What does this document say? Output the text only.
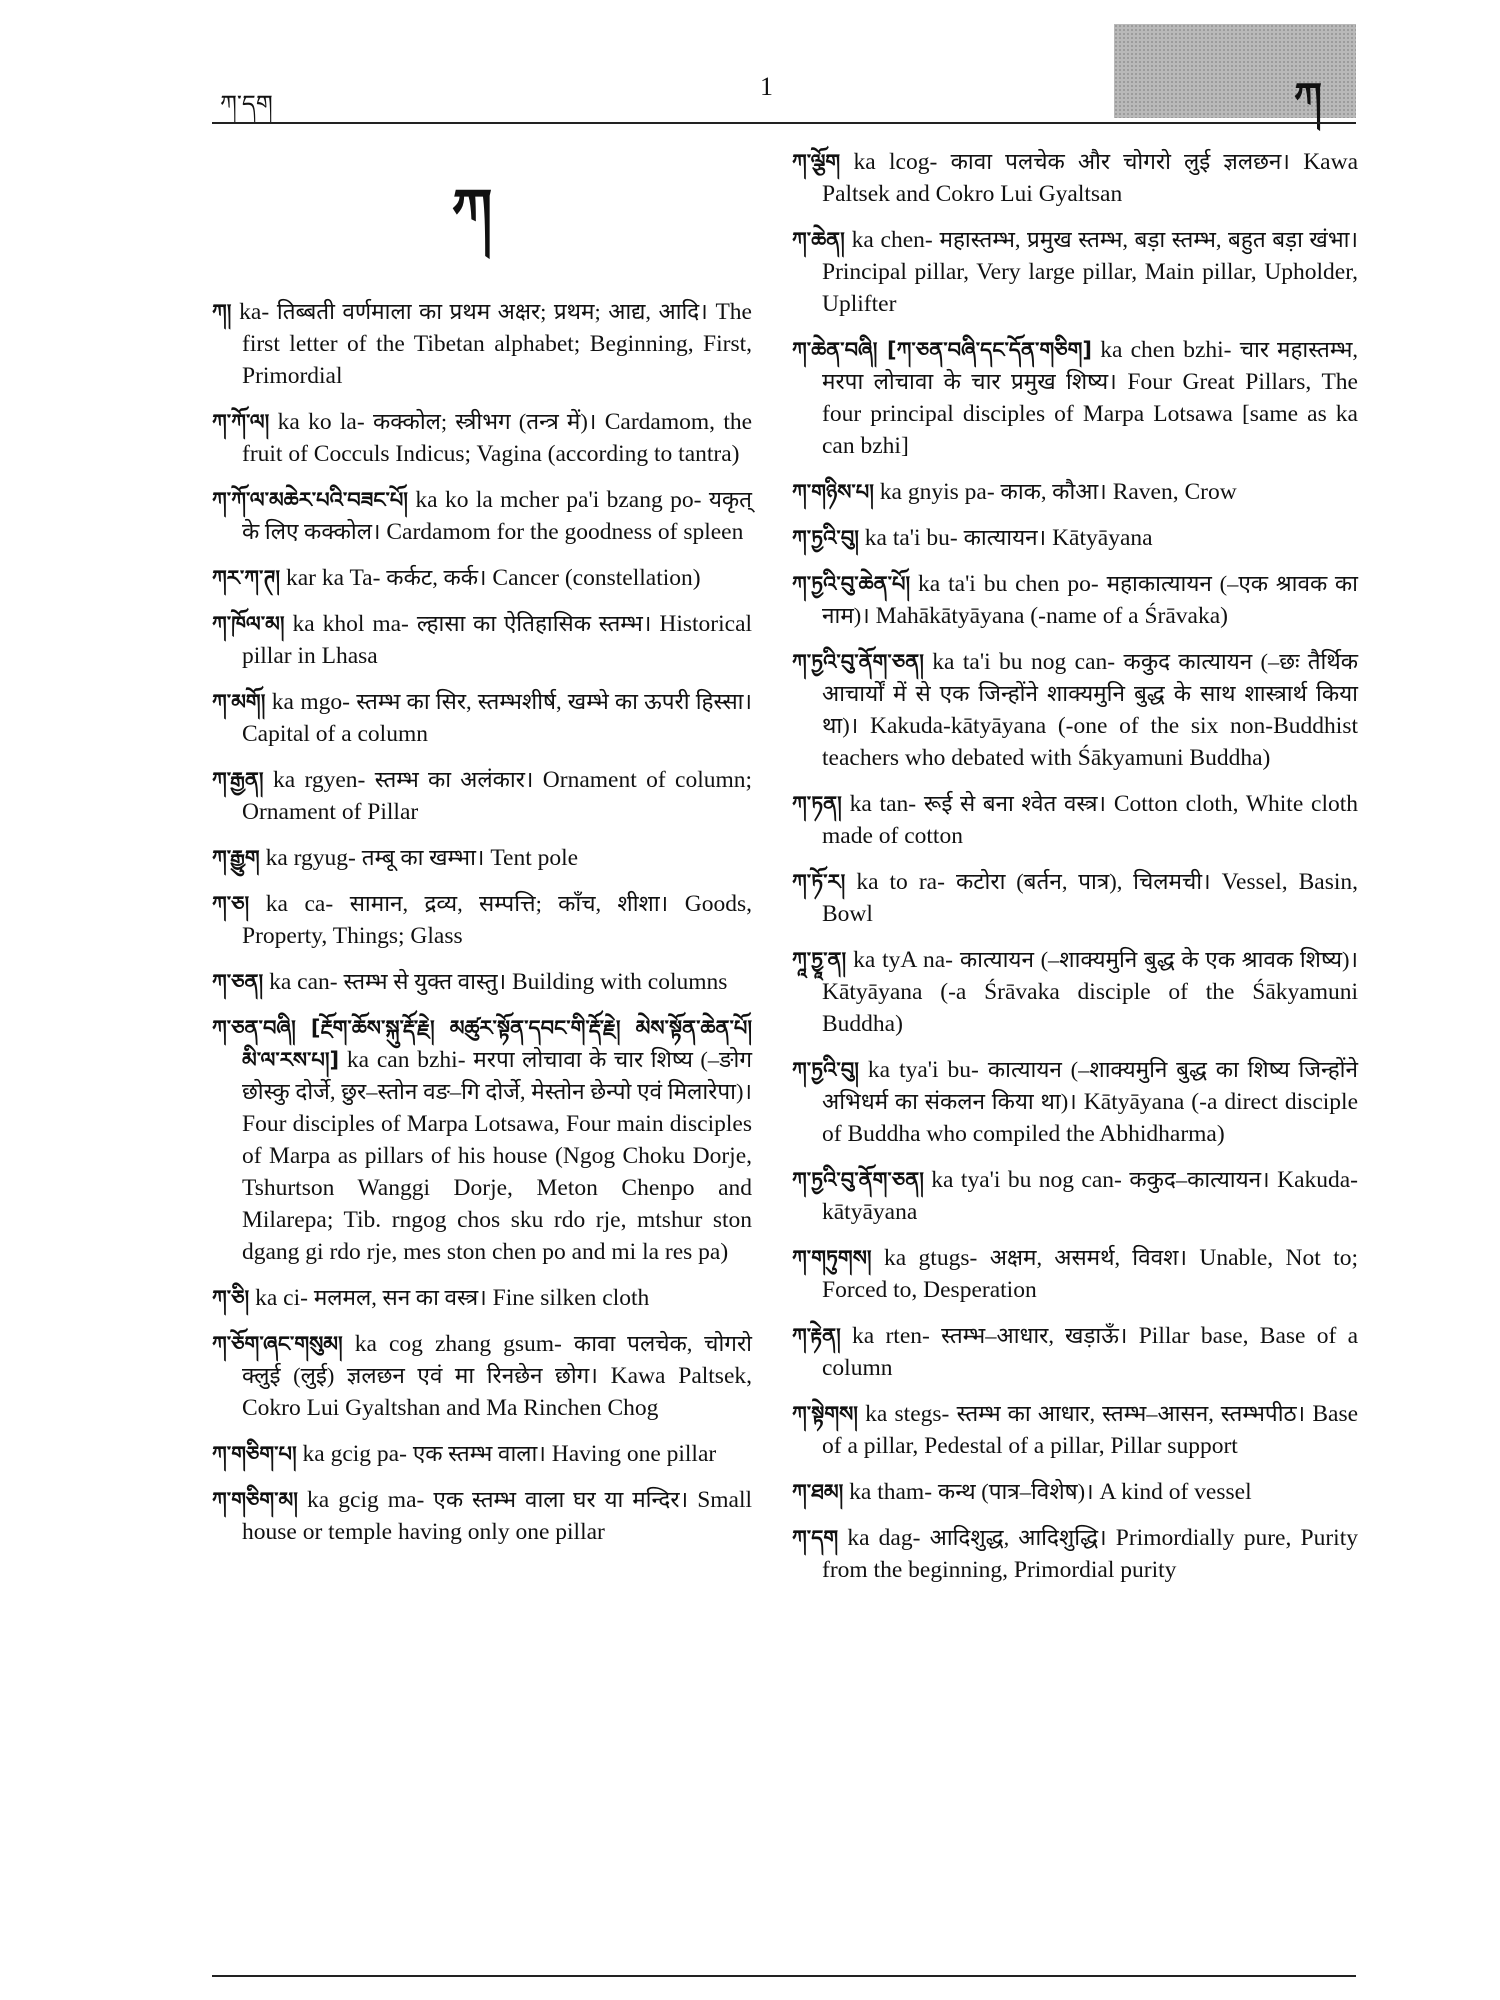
ཀ་དག
1	ཀ
ཀ

ཀ། ka- तिब्बती वर्णमाला का प्रथम अक्षर; प्रथम; आद्य, आदि। The first letter of the Tibetan alphabet; Beginning, First, Primordial

ཀ་ཀོ་ལ། ka ko la- कक्कोल; स्त्रीभग (तन्त्र में)। Cardamom, the fruit of Cocculs Indicus; Vagina (according to tantra)

ཀ་ཀོ་ལ་མཆེར་པའི་བཟང་པོ། ka ko la mcher pa'i bzang po- यकृत् के लिए कक्कोल। Cardamom for the goodness of spleen

ཀར་ཀ་ཊ། kar ka Ta- कर्कट, कर्क। Cancer (constellation)

ཀ་ཁོལ་མ། ka khol ma- ल्हासा का ऐतिहासिक स्तम्भ। Historical pillar in Lhasa

ཀ་མགོ། ka mgo- स्तम्भ का सिर, स्तम्भशीर्ष, खम्भे का ऊपरी हिस्सा। Capital of a column

ཀ་རྒྱན། ka rgyen- स्तम्भ का अलंकार। Ornament of column; Ornament of Pillar

ཀ་རྒྱུག ka rgyug- तम्बू का खम्भा। Tent pole

ཀ་ཅ། ka ca- सामान, द्रव्य, सम्पत्ति; काँच, शीशा। Goods, Property, Things; Glass

ཀ་ཅན། ka can- स्तम्भ से युक्त वास्तु। Building with columns

ཀ་ཅན་བཞི། [རྔོག་ཆོས་སྐུ་རྡོ་རྗེ། མཚུར་སྟོན་དབང་གི་རྡོ་རྗེ། མེས་སྟོན་ཆེན་པོ། མི་ལ་རས་པ།] ka can bzhi- मरपा लोचावा के चार शिष्य (–ङोग छोस्कु दोर्जे, छुर–स्तोन वङ–गि दोर्जे, मेस्तोन छेन्पो एवं मिलारेपा)। Four disciples of Marpa Lotsawa, Four main disciples of Marpa as pillars of his house (Ngog Choku Dorje, Tshurtson Wanggi Dorje, Meton Chenpo and Milarepa; Tib. rngog chos sku rdo rje, mtshur ston dgang gi rdo rje, mes ston chen po and mi la res pa)

ཀ་ཅི། ka ci- मलमल, सन का वस्त्र। Fine silken cloth

ཀ་ཅོག་ཞང་གསུམ། ka cog zhang gsum- कावा पलचेक, चोगरो क्लुई (लुई) ज्ञलछन एवं मा रिनछेन छोग। Kawa Paltsek, Cokro Lui Gyaltshan and Ma Rinchen Chog

ཀ་གཅིག་པ། ka gcig pa- एक स्तम्भ वाला। Having one pillar

ཀ་གཅིག་མ། ka gcig ma- एक स्तम्भ वाला घर या मन्दिर। Small house or temple having only one pillar

ཀ་ལྕོག ka lcog- कावा पलचेक और चोगरो लुई ज्ञलछन। Kawa Paltsek and Cokro Lui Gyaltsan

ཀ་ཆེན། ka chen- महास्तम्भ, प्रमुख स्तम्भ, बड़ा स्तम्भ, बहुत बड़ा खंभा। Principal pillar, Very large pillar, Main pillar, Upholder, Uplifter

ཀ་ཆེན་བཞི། [ཀ་ཅན་བཞི་དང་དོན་གཅིག] ka chen bzhi- चार महास्तम्भ, मरपा लोचावा के चार प्रमुख शिष्य। Four Great Pillars, The four principal disciples of Marpa Lotsawa [same as ka can bzhi]

ཀ་གཉིས་པ། ka gnyis pa- काक, कौआ। Raven, Crow

ཀ་ཏྱའི་བུ། ka ta'i bu- कात्यायन। Kātyāyana

ཀ་ཏྱའི་བུ་ཆེན་པོ། ka ta'i bu chen po- महाकात्यायन (–एक श्रावक का नाम)। Mahākātyāyana (-name of a Śrāvaka)

ཀ་ཏྱའི་བུ་ནོག་ཅན། ka ta'i bu nog can- ककुद कात्यायन (–छः तैर्थिक आचार्यों में से एक जिन्होंने शाक्यमुनि बुद्ध के साथ शास्त्रार्थ किया था)। Kakuda-kātyāyana (-one of the six non-Buddhist teachers who debated with Śākyamuni Buddha)

ཀ་ཏན། ka tan- रूई से बना श्वेत वस्त्र। Cotton cloth, White cloth made of cotton

ཀ་ཏོ་ར། ka to ra- कटोरा (बर्तन, पात्र), चिलमची। Vessel, Basin, Bowl

ཀཱ་ཏྱཱ་ན། ka tyA na- कात्यायन (–शाक्यमुनि बुद्ध के एक श्रावक शिष्य)। Kātyāyana (-a Śrāvaka disciple of the Śākyamuni Buddha)

ཀ་ཏྱའི་བུ། ka tya'i bu- कात्यायन (–शाक्यमुनि बुद्ध का शिष्य जिन्होंने अभिधर्म का संकलन किया था)। Kātyāyana (-a direct disciple of Buddha who compiled the Abhidharma)

ཀ་ཏྱའི་བུ་ནོག་ཅན། ka tya'i bu nog can- ककुद–कात्यायन। Kakuda-kātyāyana

ཀ་གཏུགས། ka gtugs- अक्षम, असमर्थ, विवश। Unable, Not to; Forced to, Desperation

ཀ་རྟེན། ka rten- स्तम्भ–आधार, खड़ाऊँ। Pillar base, Base of a column

ཀ་སྟེགས། ka stegs- स्तम्भ का आधार, स्तम्भ–आसन, स्तम्भपीठ। Base of a pillar, Pedestal of a pillar, Pillar support

ཀ་ཐམ། ka tham- कन्थ (पात्र–विशेष)। A kind of vessel

ཀ་དག ka dag- आदिशुद्ध, आदिशुद्धि। Primordially pure, Purity from the beginning, Primordial purity
